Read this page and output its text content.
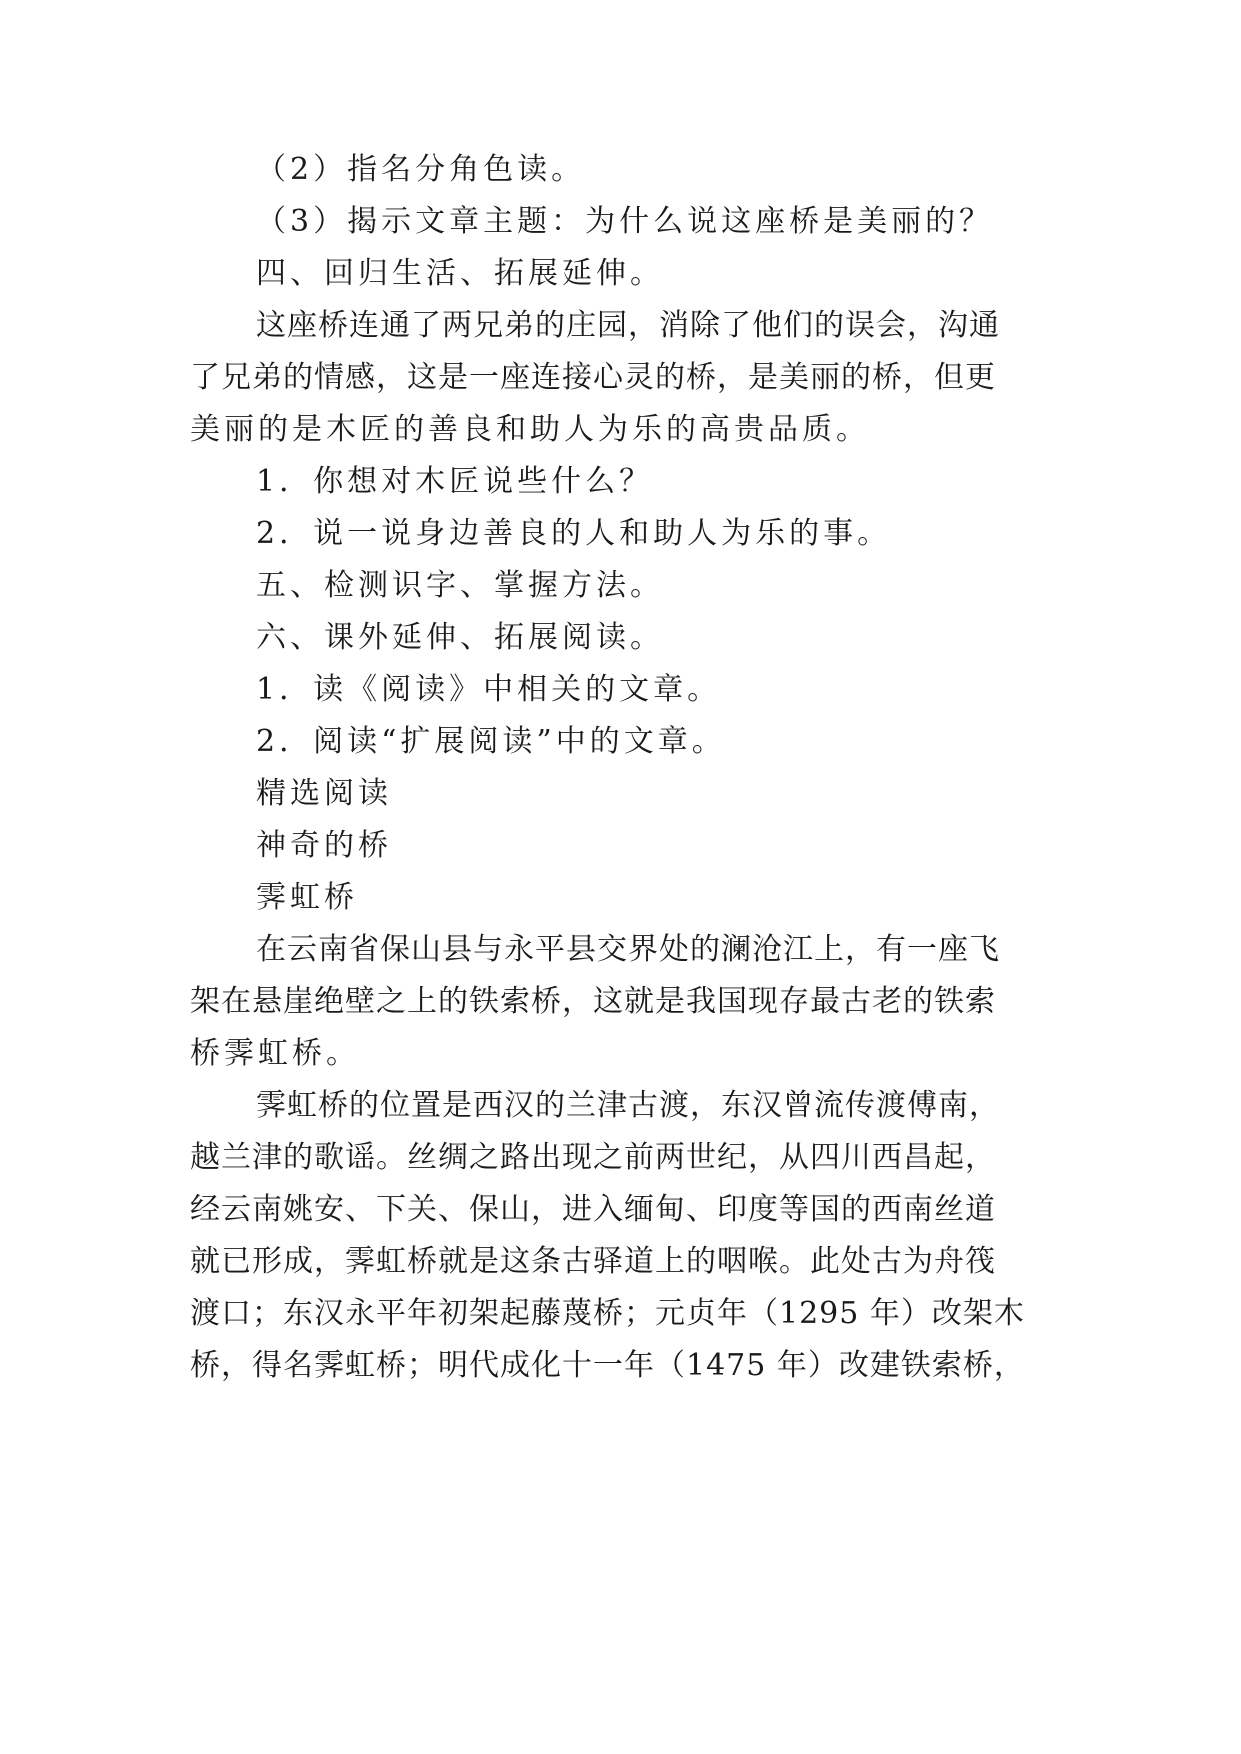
（2）指名分角色读。

（3）揭示文章主题：为什么说这座桥是美丽的？

四、回归生活、拓展延伸。

这座桥连通了两兄弟的庄园，消除了他们的误会，沟通

了兄弟的情感，这是一座连接心灵的桥，是美丽的桥，但更

美丽的是木匠的善良和助人为乐的高贵品质。

1．你想对木匠说些什么？

2．说一说身边善良的人和助人为乐的事。

五、检测识字、掌握方法。

六、课外延伸、拓展阅读。

1．读《阅读》中相关的文章。

2．阅读“扩展阅读”中的文章。

精选阅读

神奇的桥

霁虹桥

在云南省保山县与永平县交界处的澜沧江上，有一座飞

架在悬崖绝壁之上的铁索桥，这就是我国现存最古老的铁索

桥霁虹桥。

霁虹桥的位置是西汉的兰津古渡，东汉曾流传渡傅南，

越兰津的歌谣。丝绸之路出现之前两世纪，从四川西昌起，

经云南姚安、下关、保山，进入缅甸、印度等国的西南丝道

就已形成，霁虹桥就是这条古驿道上的咽喉。此处古为舟筏

渡口；东汉永平年初架起藤蔑桥；元贞年（1295 年）改架木

桥，得名霁虹桥；明代成化十一年（1475 年）改建铁索桥，
